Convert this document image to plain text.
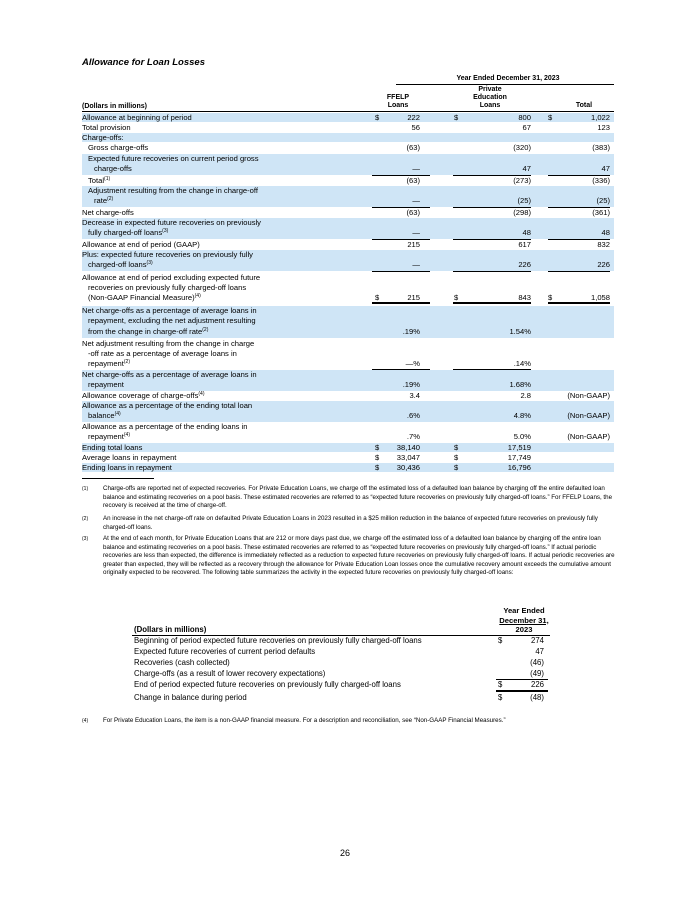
Allowance for Loan Losses
Year Ended December 31, 2023
FFELP
Loans
Private
Education
Loans	Total
(Dollars in millions)
Allowance at beginning of period	$	222	$	800 $	1,022
Total provision	56	67	123
Charge-offs:
Gross charge-offs	(63)	(320)	(383)
Expected future recoveries on current period gross
charge-offs	—	47	47
Total$^{(1)}$	(63)	(273)	(336)
Adjustment resulting from the change in charge-off
rate$^{(2)}$	—	(25)	(25)
Net charge-offs	(63)	(298)	(361)
Decrease in expected future recoveries on previously
fully charged-off loans$^{(3)}$	—	48	48
Allowance at end of period (GAAP)	215	617	832
Plus: expected future recoveries on previously fully
charged-off loans$^{(3)}$	—	226	226
Allowance at end of period excluding expected future
recoveries on previously fully charged-off loans
(Non-GAAP Financial Measure)$^{(4)}$	$	215	$	843 $	1,058
Net charge-offs as a percentage of average loans in
repayment, excluding the net adjustment resulting
from the change in charge-off rate$^{(2)}$	.19%	1.54%
Net adjustment resulting from the change in charge
-off rate as a percentage of average loans in
repayment$^{(2)}$	—%	.14%
Net charge-offs as a percentage of average loans in
repayment	.19%	1.68%
Allowance coverage of charge-offs$^{(4)}$	3.4	2.8	(Non-GAAP)
Allowance as a percentage of the ending total loan
balance$^{(4)}$	.6%	4.8%	(Non-GAAP)
Allowance as a percentage of the ending loans in
repayment$^{(4)}$	.7%	5.0%	(Non-GAAP)
Ending total loans	$ 38,140	$	17,519
Average loans in repayment	$ 33,047	$	17,749
Ending loans in repayment	$ 30,436	$	16,796
(1) Charge-offs are reported net of expected recoveries. For Private Education Loans, we charge off the estimated loss of a defaulted loan balance by charging off the entire defaulted loan balance and estimating recoveries on a pool basis. These estimated recoveries are referred to as “expected future recoveries on previously fully charged-off loans.” For FFELP Loans, the recovery is received at the time of charge-off.
(2) An increase in the net charge-off rate on defaulted Private Education Loans in 2023 resulted in a $25 million reduction in the balance of expected future recoveries on previously fully charged-off loans.
(3) At the end of each month, for Private Education Loans that are 212 or more days past due, we charge off the estimated loss of a defaulted loan balance by charging off the entire loan balance and estimating recoveries on a pool basis. These estimated recoveries are referred to as “expected future recoveries on previously fully charged-off loans.” If actual periodic recoveries are less than expected, the difference is immediately reflected as a reduction to expected future recoveries on previously fully charged-off loans. If actual periodic recoveries are greater than expected, they will be reflected as a recovery through the allowance for Private Education Loan losses once the cumulative recovery amount exceeds the cumulative amount originally expected to be recovered. The following table summarizes the activity in the expected future recoveries on previously fully charged-off loans:
Year Ended
December 31,
2023
(Dollars in millions)
Beginning of period expected future recoveries on previously fully charged-off loans	$	274
Expected future recoveries of current period defaults	47
Recoveries (cash collected)	(46)
Charge-offs (as a result of lower recovery expectations)	(49)
End of period expected future recoveries on previously fully charged-off loans	$	226
Change in balance during period	$	(48)
(4) For Private Education Loans, the item is a non-GAAP financial measure. For a description and reconciliation, see “Non-GAAP Financial Measures.”
26
